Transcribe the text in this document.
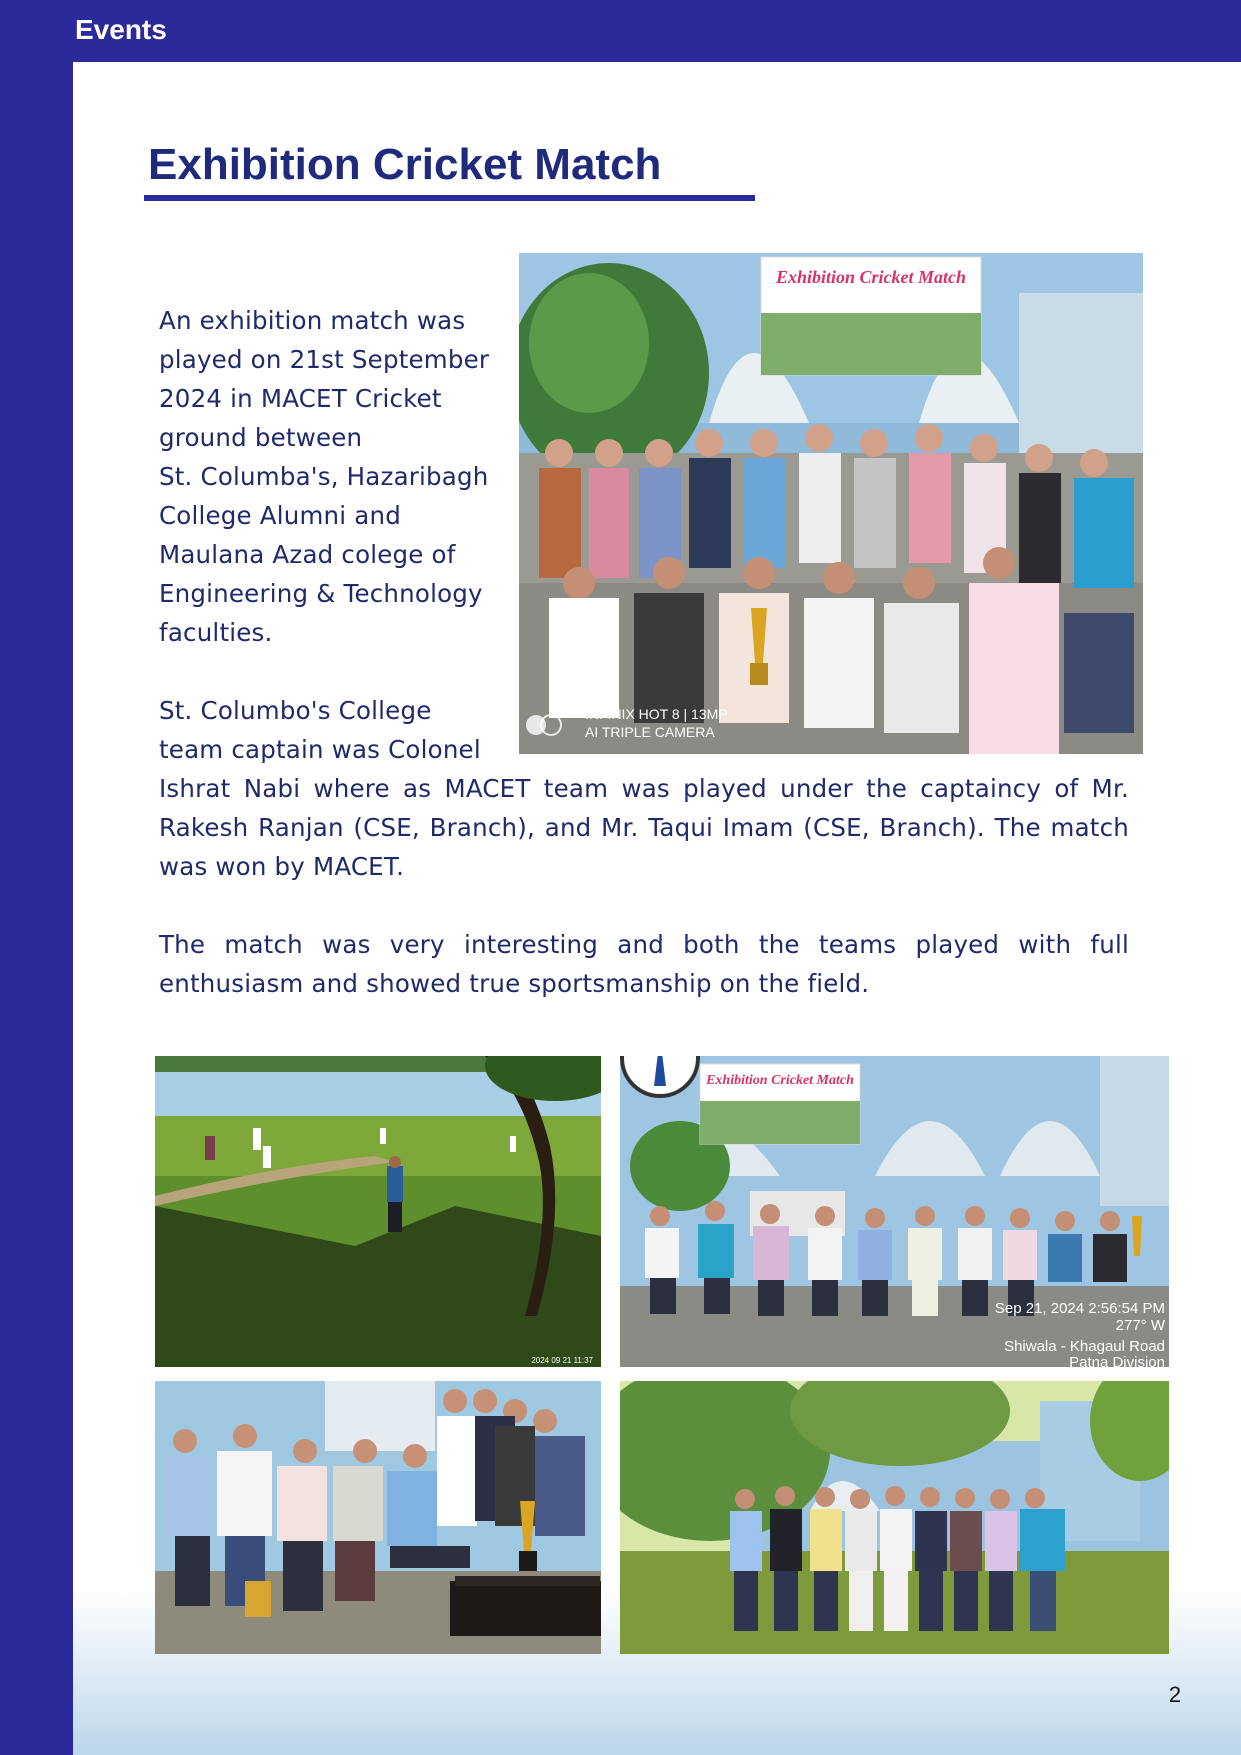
Events
Exhibition Cricket Match

An exhibition match was

played on 21st September

2024 in MACET Cricket

ground between

St. Columba's, Hazaribagh

College Alumni and

Maulana Azad colege of

Engineering & Technology

faculties.

St. Columbo's College

team captain was Colonel

Ishrat Nabi where as MACET team was played under the captaincy of Mr. Rakesh Ranjan (CSE, Branch), and Mr. Taqui Imam (CSE, Branch). The match was won by MACET.

The match was very interesting and both the teams played with full enthusiasm and showed true sportsmanship on the field.

Exhibition Cricket Match
INFINIX HOT 8 | 13MP
AI TRIPLE CAMERA
2024 09 21 11:37
Exhibition Cricket Match
Sep 21, 2024 2:56:54 PM
277° W
Shiwala - Khagaul Road
Patna Division
2
